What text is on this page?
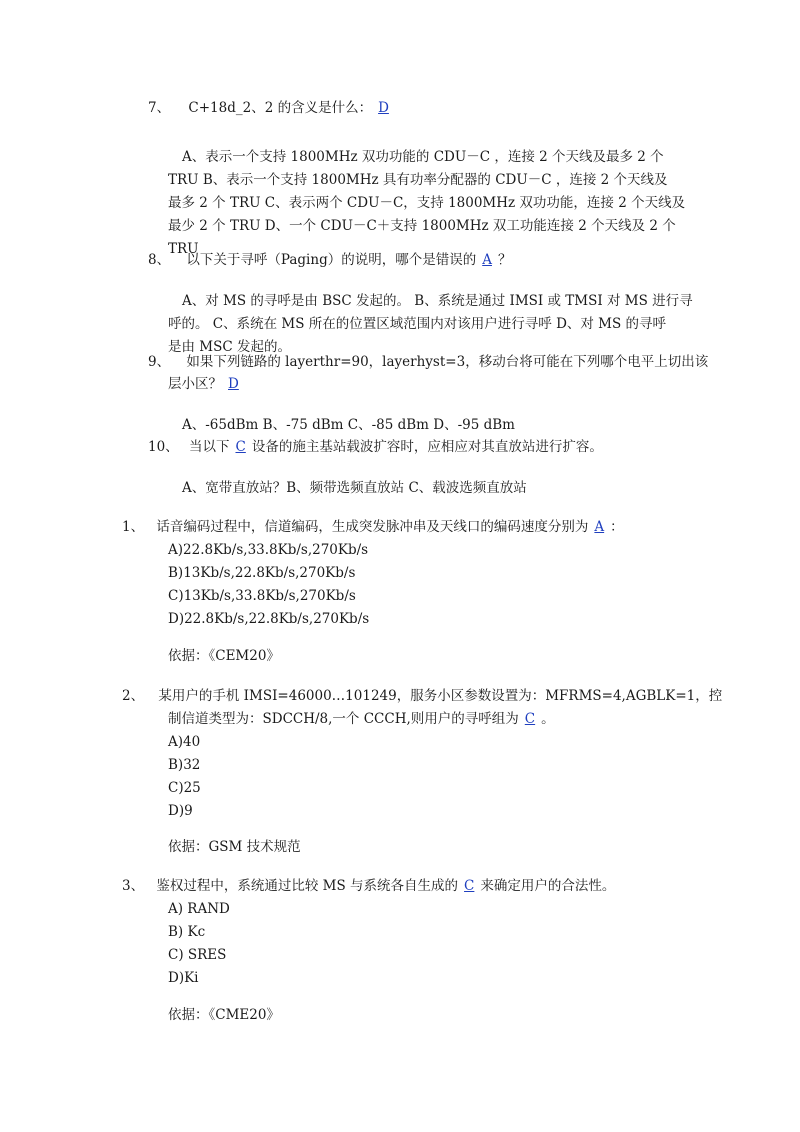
7、 C+18d_2、2 的含义是什么： D
A、表示一个支持 1800MHz 双功功能的 CDU－C ，连接 2 个天线及最多 2 个
TRU B、表示一个支持 1800MHz 具有功率分配器的 CDU－C ，连接 2 个天线及
最多 2 个 TRU C、表示两个 CDU－C，支持 1800MHz 双功功能，连接 2 个天线及
最少 2 个 TRU D、一个 CDU－C＋支持 1800MHz 双工功能连接 2 个天线及 2 个
TRU
8、 以下关于寻呼（Paging）的说明，哪个是错误的 A ？
A、对 MS 的寻呼是由 BSC 发起的。 B、系统是通过 IMSI 或 TMSI 对 MS 进行寻
呼的。 C、系统在 MS 所在的位置区域范围内对该用户进行寻呼 D、对 MS 的寻呼
是由 MSC 发起的。
9、 如果下列链路的 layerthr=90，layerhyst=3，移动台将可能在下列哪个电平上切出该
层小区？ D
A、-65dBm B、-75 dBm C、-85 dBm D、-95 dBm
10、 当以下 C 设备的施主基站载波扩容时，应相应对其直放站进行扩容。
A、宽带直放站？B、频带选频直放站 C、载波选频直放站
1、 话音编码过程中，信道编码，生成突发脉冲串及天线口的编码速度分别为 A ：
A)22.8Kb/s,33.8Kb/s,270Kb/s
B)13Kb/s,22.8Kb/s,270Kb/s
C)13Kb/s,33.8Kb/s,270Kb/s
D)22.8Kb/s,22.8Kb/s,270Kb/s
依据：《CEM20》
2、 某用户的手机 IMSI=46000…101249，服务小区参数设置为：MFRMS=4,AGBLK=1，控
制信道类型为：SDCCH/8,一个 CCCH,则用户的寻呼组为 C 。
A)40
B)32
C)25
D)9
依据：GSM 技术规范
3、 鉴权过程中，系统通过比较 MS 与系统各自生成的 C 来确定用户的合法性。
A) RAND
B) Kc
C) SRES
D)Ki
依据：《CME20》
